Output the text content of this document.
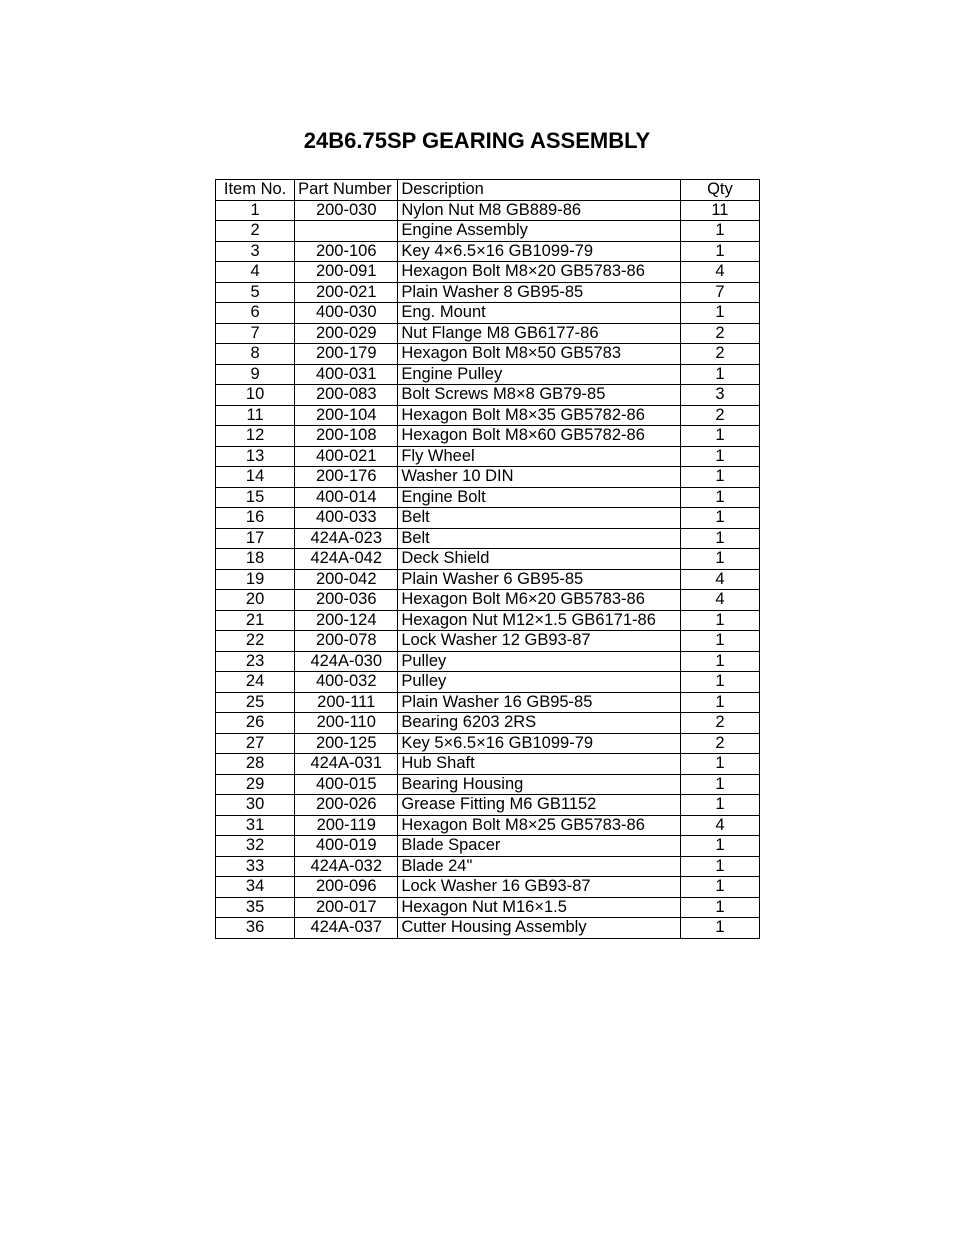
24B6.75SP GEARING ASSEMBLY
Item No.	Part Number	Description	Qty
1	200-030	Nylon Nut M8 GB889-86	11
2		Engine Assembly	1
3	200-106	Key 4×6.5×16 GB1099-79	1
4	200-091	Hexagon Bolt M8×20 GB5783-86	4
5	200-021	Plain Washer 8 GB95-85	7
6	400-030	Eng. Mount	1
7	200-029	Nut Flange M8 GB6177-86	2
8	200-179	Hexagon Bolt M8×50 GB5783	2
9	400-031	Engine Pulley	1
10	200-083	Bolt Screws M8×8 GB79-85	3
11	200-104	Hexagon Bolt M8×35 GB5782-86	2
12	200-108	Hexagon Bolt M8×60 GB5782-86	1
13	400-021	Fly Wheel	1
14	200-176	Washer 10 DIN	1
15	400-014	Engine Bolt	1
16	400-033	Belt	1
17	424A-023	Belt	1
18	424A-042	Deck Shield	1
19	200-042	Plain Washer 6 GB95-85	4
20	200-036	Hexagon Bolt M6×20 GB5783-86	4
21	200-124	Hexagon Nut M12×1.5 GB6171-86	1
22	200-078	Lock Washer 12 GB93-87	1
23	424A-030	Pulley	1
24	400-032	Pulley	1
25	200-111	Plain Washer 16 GB95-85	1
26	200-110	Bearing 6203 2RS	2
27	200-125	Key 5×6.5×16 GB1099-79	2
28	424A-031	Hub Shaft	1
29	400-015	Bearing Housing	1
30	200-026	Grease Fitting M6 GB1152	1
31	200-119	Hexagon Bolt M8×25 GB5783-86	4
32	400-019	Blade Spacer	1
33	424A-032	Blade 24"	1
34	200-096	Lock Washer 16 GB93-87	1
35	200-017	Hexagon Nut M16×1.5	1
36	424A-037	Cutter Housing Assembly	1
